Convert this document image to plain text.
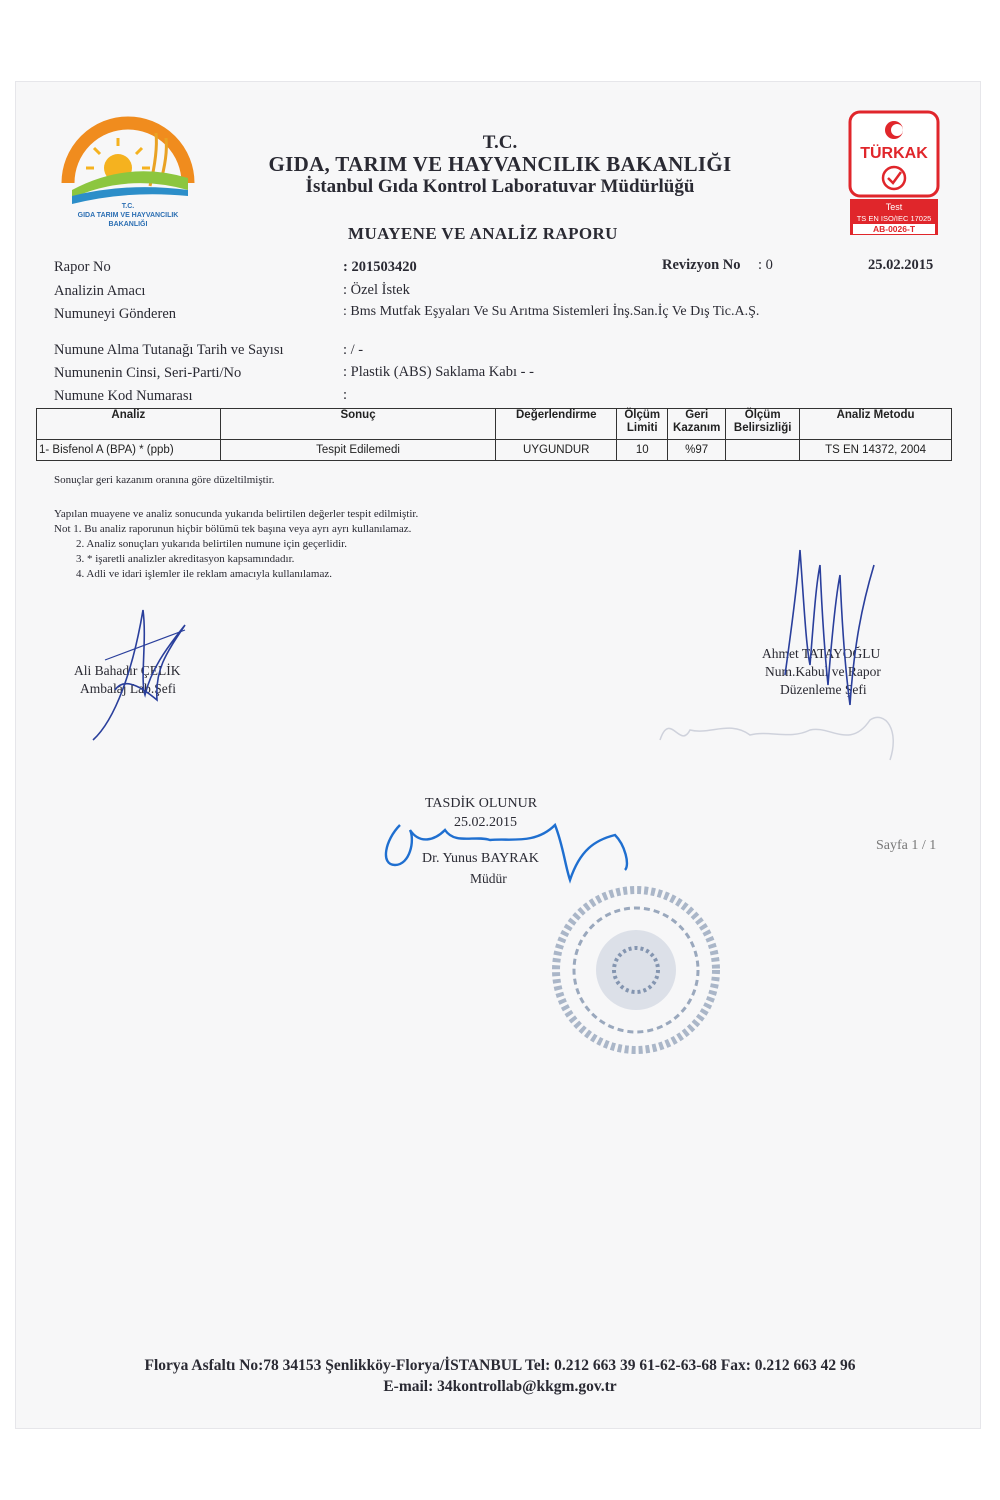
T.C.
GIDA TARIM VE HAYVANCILIK
BAKANLIĞI
TÜRKAK
Test
TS EN ISO/IEC 17025
AB-0026-T
T.C.
GIDA, TARIM VE HAYVANCILIK BAKANLIĞI
İstanbul Gıda Kontrol Laboratuvar Müdürlüğü
MUAYENE VE ANALİZ RAPORU
Rapor No	: 201503420	Revizyon No : 0	25.02.2015
Analizin Amacı	: Özel İstek
Numuneyi Gönderen	: Bms Mutfak Eşyaları Ve Su Arıtma Sistemleri İnş.San.İç Ve Dış Tic.A.Ş.
Numune Alma Tutanağı Tarih ve Sayısı	: / -
Numunenin Cinsi, Seri-Parti/No	: Plastik (ABS) Saklama Kabı - -
Numune Kod Numarası	:
Analiz	Sonuç	Değerlendirme	Ölçüm Limiti	Geri Kazanım	Ölçüm Belirsizliği	Analiz Metodu
1- Bisfenol A (BPA) * (ppb)	Tespit Edilemedi	UYGUNDUR	10	%97		TS EN 14372, 2004
Sonuçlar geri kazanım oranına göre düzeltilmiştir.
Yapılan muayene ve analiz sonucunda yukarıda belirtilen değerler tespit edilmiştir.
Not 1. Bu analiz raporunun hiçbir bölümü tek başına veya ayrı ayrı kullanılamaz.
2. Analiz sonuçları yukarıda belirtilen numune için geçerlidir.
3. * işaretli analizler akreditasyon kapsamındadır.
4. Adli ve idari işlemler ile reklam amacıyla kullanılamaz.
Ali Bahadır ÇELİK
Ambalaj Lab.Şefi
Ahmet TATAYOĞLU
Num.Kabul ve Rapor
Düzenleme Şefi
TASDİK OLUNUR
25.02.2015
Dr. Yunus BAYRAK
Müdür
Sayfa 1 / 1
Florya Asfaltı No:78 34153 Şenlikköy-Florya/İSTANBUL Tel: 0.212 663 39 61-62-63-68 Fax: 0.212 663 42 96
E-mail: 34kontrollab@kkgm.gov.tr
